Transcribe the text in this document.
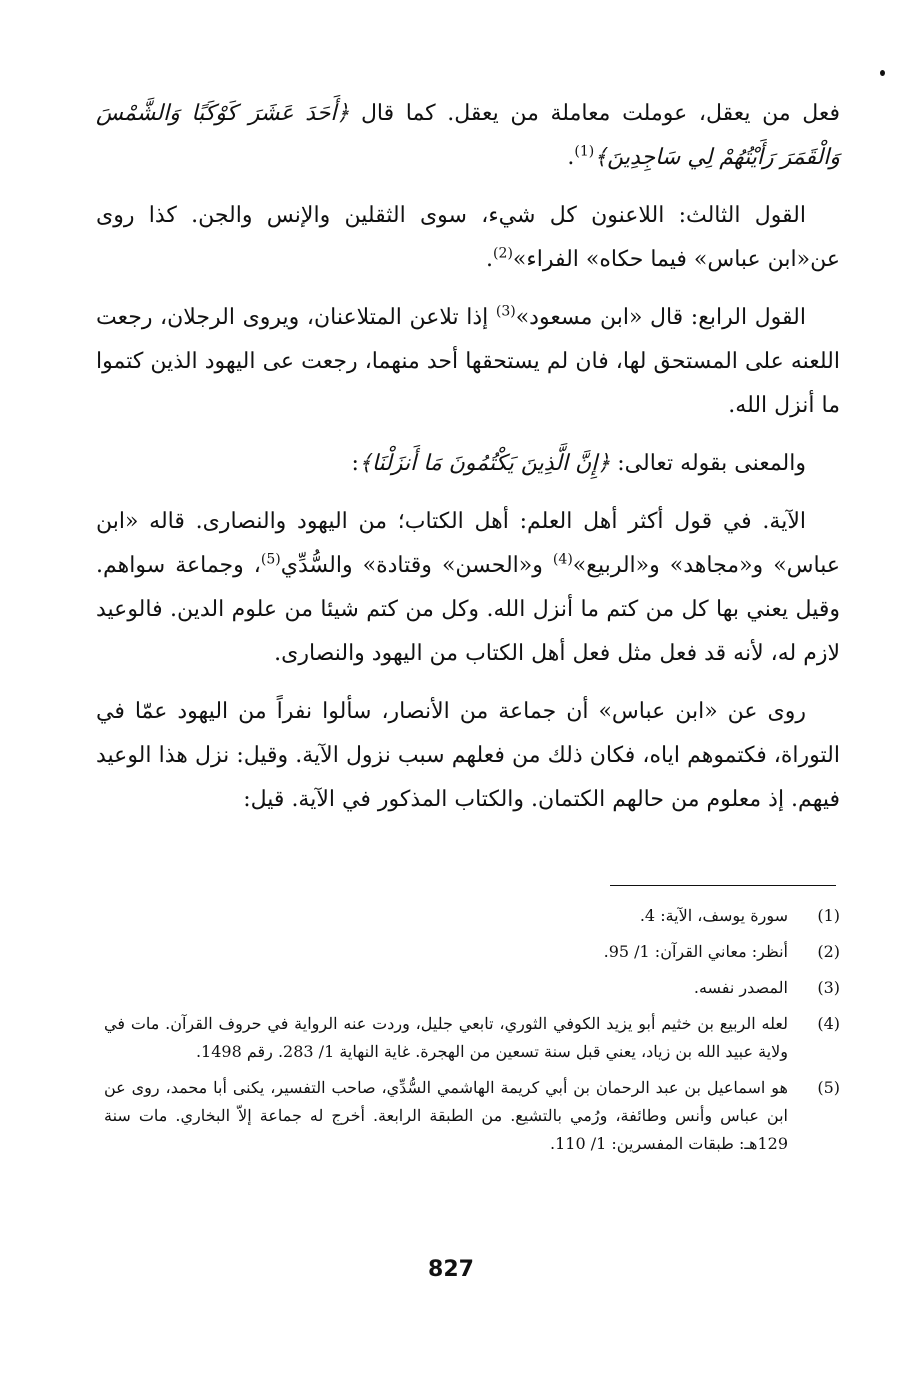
فعل من يعقل، عوملت معاملة من يعقل. كما قال ﴿أَحَدَ عَشَرَ كَوْكَبًا وَالشَّمْسَ وَالْقَمَرَ رَأَيْتُهُمْ لِي سَاجِدِينَ﴾$^{(1)}$.

القول الثالث: اللاعنون كل شيء، سوى الثقلين والإنس والجن. كذا روى عن«ابن عباس» فيما حكاه» الفراء»$^{(2)}$.

القول الرابع: قال «ابن مسعود»$^{(3)}$ إذا تلاعن المتلاعنان، ويروى الرجلان، رجعت اللعنه على المستحق لها، فان لم يستحقها أحد منهما، رجعت عى اليهود الذين كتموا ما أنزل الله.

والمعنى بقوله تعالى: ﴿إِنَّ الَّذِينَ يَكْتُمُونَ مَا أَنزَلْنَا﴾:

الآية. في قول أكثر أهل العلم: أهل الكتاب؛ من اليهود والنصارى. قاله «ابن عباس» و«مجاهد» و«الربيع»$^{(4)}$ و«الحسن» وقتادة» والسُّدِّي$^{(5)}$، وجماعة سواهم. وقيل يعني بها كل من كتم ما أنزل الله. وكل من كتم شيئا من علوم الدين. فالوعيد لازم له، لأنه قد فعل مثل فعل أهل الكتاب من اليهود والنصارى.

روى عن «ابن عباس» أن جماعة من الأنصار، سألوا نفراً من اليهود عمّا في التوراة، فكتموهم اياه، فكان ذلك من فعلهم سبب نزول الآية. وقيل: نزل هذا الوعيد فيهم. إذ معلوم من حالهم الكتمان. والكتاب المذكور في الآية. قيل:

(1)
سورة يوسف، الآية: 4.
(2)
أنظر: معاني القرآن: 1/ 95.
(3)
المصدر نفسه.
(4)
لعله الربيع بن خثيم أبو يزيد الكوفي الثوري، تابعي جليل، وردت عنه الرواية في حروف القرآن. مات في ولاية عبيد الله بن زياد، يعني قبل سنة تسعين من الهجرة. غاية النهاية 1/ 283. رقم 1498.
(5)
هو اسماعيل بن عبد الرحمان بن أبي كريمة الهاشمي السُّدِّي، صاحب التفسير، يكنى أبا محمد، روى عن ابن عباس وأنس وطائفة، ورُمي بالتشيع. من الطبقة الرابعة. أخرج له جماعة إلاّ البخاري. مات سنة 129هـ: طبقات المفسرين: 1/ 110.
827
